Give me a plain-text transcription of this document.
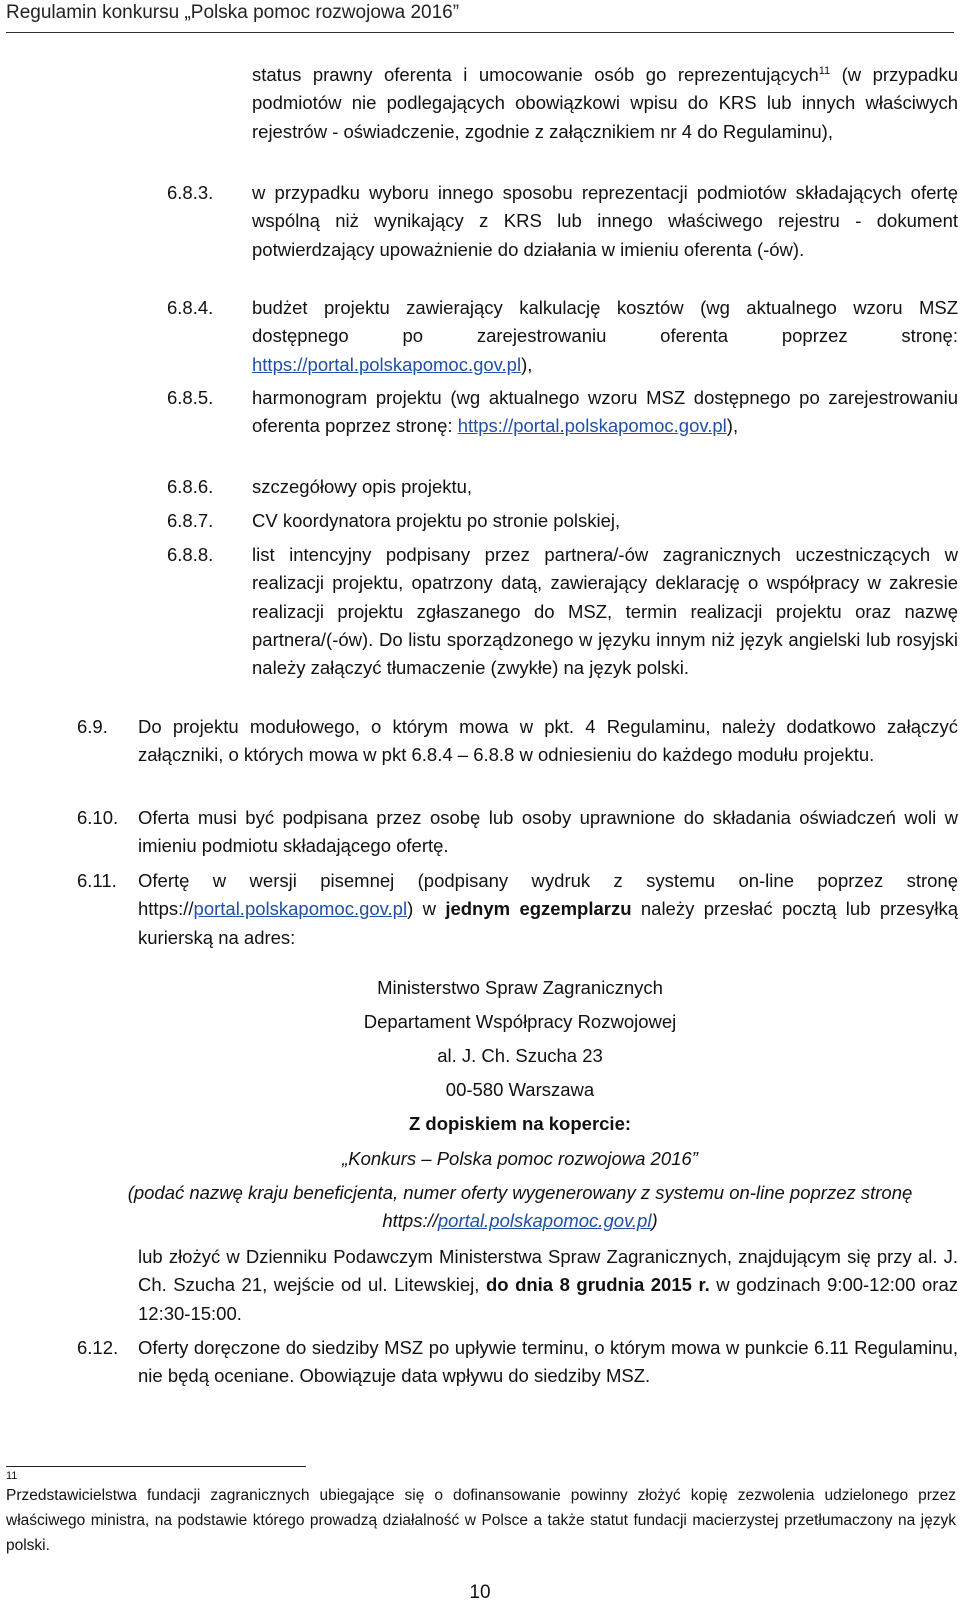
Regulamin konkursu „Polska pomoc rozwojowa 2016”
status prawny oferenta i umocowanie osób go reprezentujących$^{11}$ (w przypadku podmiotów nie podlegających obowiązkowi wpisu do KRS lub innych właściwych rejestrów - oświadczenie, zgodnie z załącznikiem nr 4 do Regulaminu),
6.8.3. w przypadku wyboru innego sposobu reprezentacji podmiotów składających ofertę wspólną niż wynikający z KRS lub innego właściwego rejestru - dokument potwierdzający upoważnienie do działania w imieniu oferenta (-ów).
6.8.4. budżet projektu zawierający kalkulację kosztów (wg aktualnego wzoru MSZ dostępnego po zarejestrowaniu oferenta poprzez stronę: https://portal.polskapomoc.gov.pl),
6.8.5. harmonogram projektu (wg aktualnego wzoru MSZ dostępnego po zarejestrowaniu oferenta poprzez stronę: https://portal.polskapomoc.gov.pl),
6.8.6. szczegółowy opis projektu,
6.8.7. CV koordynatora projektu po stronie polskiej,
6.8.8. list intencyjny podpisany przez partnera/-ów zagranicznych uczestniczących w realizacji projektu, opatrzony datą, zawierający deklarację o współpracy w zakresie realizacji projektu zgłaszanego do MSZ, termin realizacji projektu oraz nazwę partnera/(-ów). Do listu sporządzonego w języku innym niż język angielski lub rosyjski należy załączyć tłumaczenie (zwykłe) na język polski.
6.9. Do projektu modułowego, o którym mowa w pkt. 4 Regulaminu, należy dodatkowo załączyć załączniki, o których mowa w pkt 6.8.4 – 6.8.8 w odniesieniu do każdego modułu projektu.
6.10. Oferta musi być podpisana przez osobę lub osoby uprawnione do składania oświadczeń woli w imieniu podmiotu składającego ofertę.
6.11. Ofertę w wersji pisemnej (podpisany wydruk z systemu on-line poprzez stronę https://portal.polskapomoc.gov.pl) w jednym egzemplarzu należy przesłać pocztą lub przesyłką kurierską na adres:
Ministerstwo Spraw Zagranicznych
Departament Współpracy Rozwojowej
al. J. Ch. Szucha 23
00-580 Warszawa
Z dopiskiem na kopercie:
„Konkurs – Polska pomoc rozwojowa 2016”
(podać nazwę kraju beneficjenta, numer oferty wygenerowany z systemu on-line poprzez stronę https://portal.polskapomoc.gov.pl)
lub złożyć w Dzienniku Podawczym Ministerstwa Spraw Zagranicznych, znajdującym się przy al. J. Ch. Szucha 21, wejście od ul. Litewskiej, do dnia 8 grudnia 2015 r. w godzinach 9:00-12:00 oraz 12:30-15:00.
6.12. Oferty doręczone do siedziby MSZ po upływie terminu, o którym mowa w punkcie 6.11 Regulaminu, nie będą oceniane. Obowiązuje data wpływu do siedziby MSZ.
11
Przedstawicielstwa fundacji zagranicznych ubiegające się o dofinansowanie powinny złożyć kopię zezwolenia udzielonego przez właściwego ministra, na podstawie którego prowadzą działalność w Polsce a także statut fundacji macierzystej przetłumaczony na język polski.
10
